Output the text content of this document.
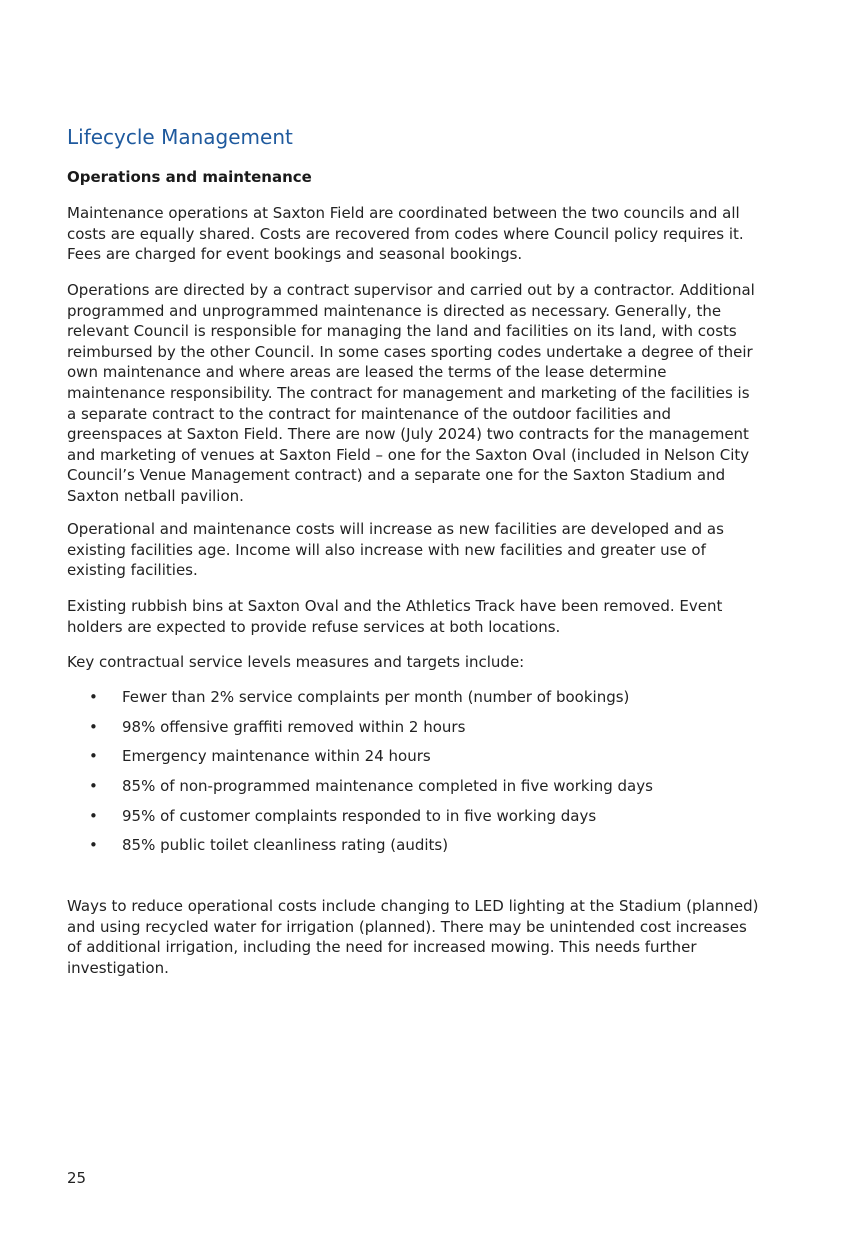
Lifecycle Management
Operations and maintenance

Maintenance operations at Saxton Field are coordinated between the two councils and all
costs are equally shared. Costs are recovered from codes where Council policy requires it.
Fees are charged for event bookings and seasonal bookings.

Operations are directed by a contract supervisor and carried out by a contractor. Additional
programmed and unprogrammed maintenance is directed as necessary. Generally, the
relevant Council is responsible for managing the land and facilities on its land, with costs
reimbursed by the other Council. In some cases sporting codes undertake a degree of their
own maintenance and where areas are leased the terms of the lease determine
maintenance responsibility. The contract for management and marketing of the facilities is
a separate contract to the contract for maintenance of the outdoor facilities and
greenspaces at Saxton Field. There are now (July 2024) two contracts for the management
and marketing of venues at Saxton Field – one for the Saxton Oval (included in Nelson City
Council’s Venue Management contract) and a separate one for the Saxton Stadium and
Saxton netball pavilion.

Operational and maintenance costs will increase as new facilities are developed and as
existing facilities age. Income will also increase with new facilities and greater use of
existing facilities.

Existing rubbish bins at Saxton Oval and the Athletics Track have been removed. Event
holders are expected to provide refuse services at both locations.

Key contractual service levels measures and targets include:

• Fewer than 2% service complaints per month (number of bookings)
• 98% offensive graffiti removed within 2 hours
• Emergency maintenance within 24 hours
• 85% of non-programmed maintenance completed in five working days
• 95% of customer complaints responded to in five working days
• 85% public toilet cleanliness rating (audits)

Ways to reduce operational costs include changing to LED lighting at the Stadium (planned)
and using recycled water for irrigation (planned). There may be unintended cost increases
of additional irrigation, including the need for increased mowing. This needs further
investigation.

25
